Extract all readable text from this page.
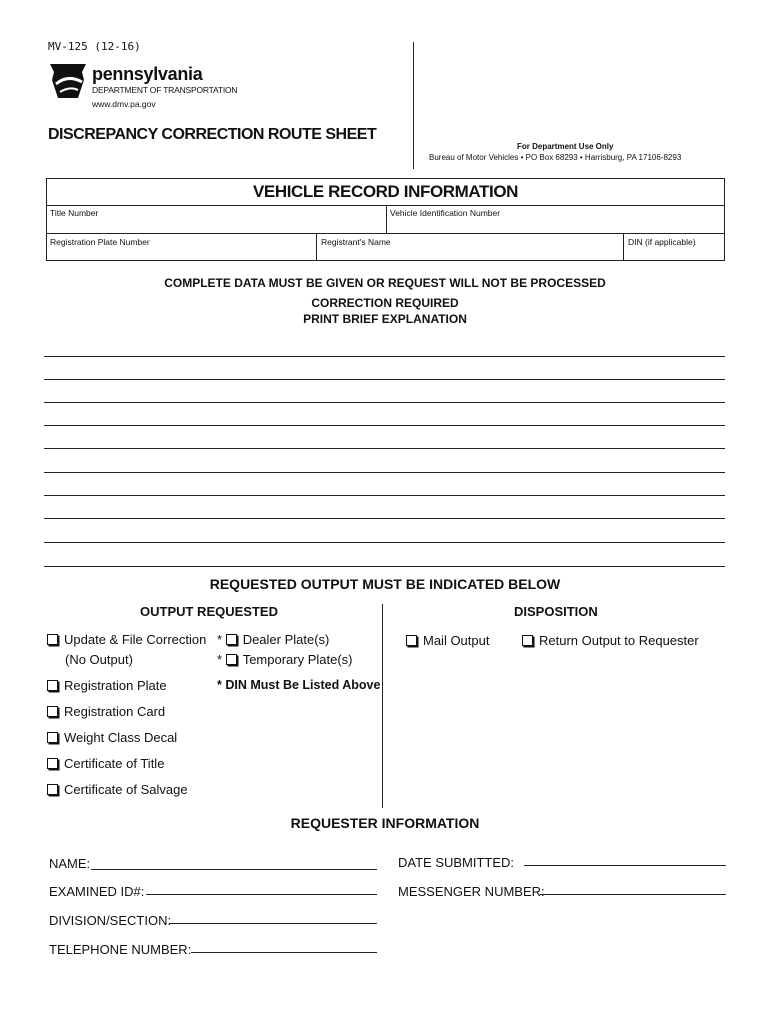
MV-125 (12-16)
pennsylvania
DEPARTMENT OF TRANSPORTATION
www.dmv.pa.gov
DISCREPANCY CORRECTION ROUTE SHEET
For Department Use Only
Bureau of Motor Vehicles • PO Box 68293 • Harrisburg, PA 17106-8293
VEHICLE RECORD INFORMATION
Title Number	Vehicle Identification Number
Registration Plate Number	Registrant's Name	DIN (if applicable)
COMPLETE DATA MUST BE GIVEN OR REQUEST WILL NOT BE PROCESSED
CORRECTION REQUIRED
PRINT BRIEF EXPLANATION
REQUESTED OUTPUT MUST BE INDICATED BELOW
OUTPUT REQUESTED	DISPOSITION
Update & File Correction
(No Output)
* Dealer Plate(s)
* Temporary Plate(s)
Registration Plate	* DIN Must Be Listed Above
Registration Card
Weight Class Decal
Certificate of Title
Certificate of Salvage
Mail Output	Return Output to Requester
REQUESTER INFORMATION
NAME:	DATE SUBMITTED:
EXAMINED ID#:	MESSENGER NUMBER:
DIVISION/SECTION:
TELEPHONE NUMBER:
